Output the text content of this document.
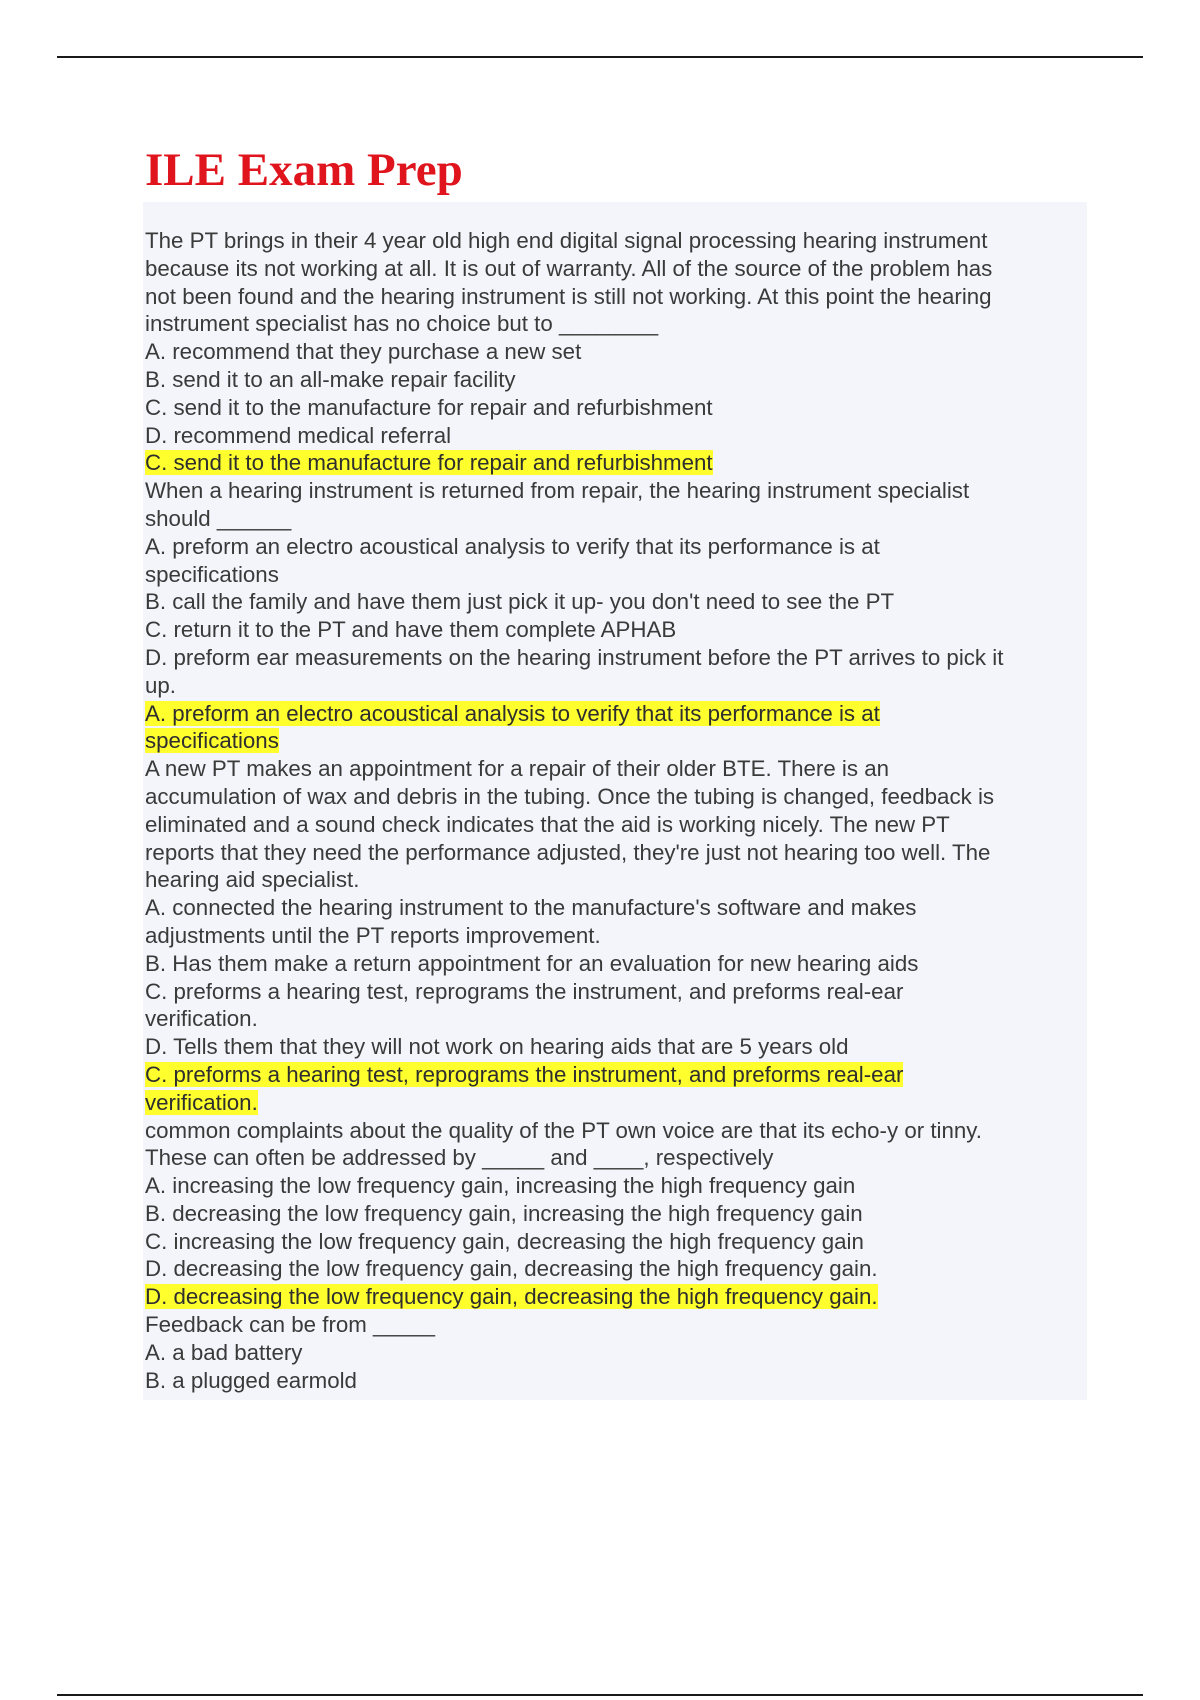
ILE Exam Prep
The PT brings in their 4 year old high end digital signal processing hearing instrument
because its not working at all. It is out of warranty. All of the source of the problem has
not been found and the hearing instrument is still not working. At this point the hearing
instrument specialist has no choice but to ________
A. recommend that they purchase a new set
B. send it to an all-make repair facility
C. send it to the manufacture for repair and refurbishment
D. recommend medical referral
C. send it to the manufacture for repair and refurbishment
When a hearing instrument is returned from repair, the hearing instrument specialist
should ______
A. preform an electro acoustical analysis to verify that its performance is at
specifications
B. call the family and have them just pick it up- you don't need to see the PT
C. return it to the PT and have them complete APHAB
D. preform ear measurements on the hearing instrument before the PT arrives to pick it
up.
A. preform an electro acoustical analysis to verify that its performance is at
specifications
A new PT makes an appointment for a repair of their older BTE. There is an
accumulation of wax and debris in the tubing. Once the tubing is changed, feedback is
eliminated and a sound check indicates that the aid is working nicely. The new PT
reports that they need the performance adjusted, they're just not hearing too well. The
hearing aid specialist.
A. connected the hearing instrument to the manufacture's software and makes
adjustments until the PT reports improvement.
B. Has them make a return appointment for an evaluation for new hearing aids
C. preforms a hearing test, reprograms the instrument, and preforms real-ear
verification.
D. Tells them that they will not work on hearing aids that are 5 years old
C. preforms a hearing test, reprograms the instrument, and preforms real-ear
verification.
common complaints about the quality of the PT own voice are that its echo-y or tinny.
These can often be addressed by _____ and ____, respectively
A. increasing the low frequency gain, increasing the high frequency gain
B. decreasing the low frequency gain, increasing the high frequency gain
C. increasing the low frequency gain, decreasing the high frequency gain
D. decreasing the low frequency gain, decreasing the high frequency gain.
D. decreasing the low frequency gain, decreasing the high frequency gain.
Feedback can be from _____
A. a bad battery
B. a plugged earmold
